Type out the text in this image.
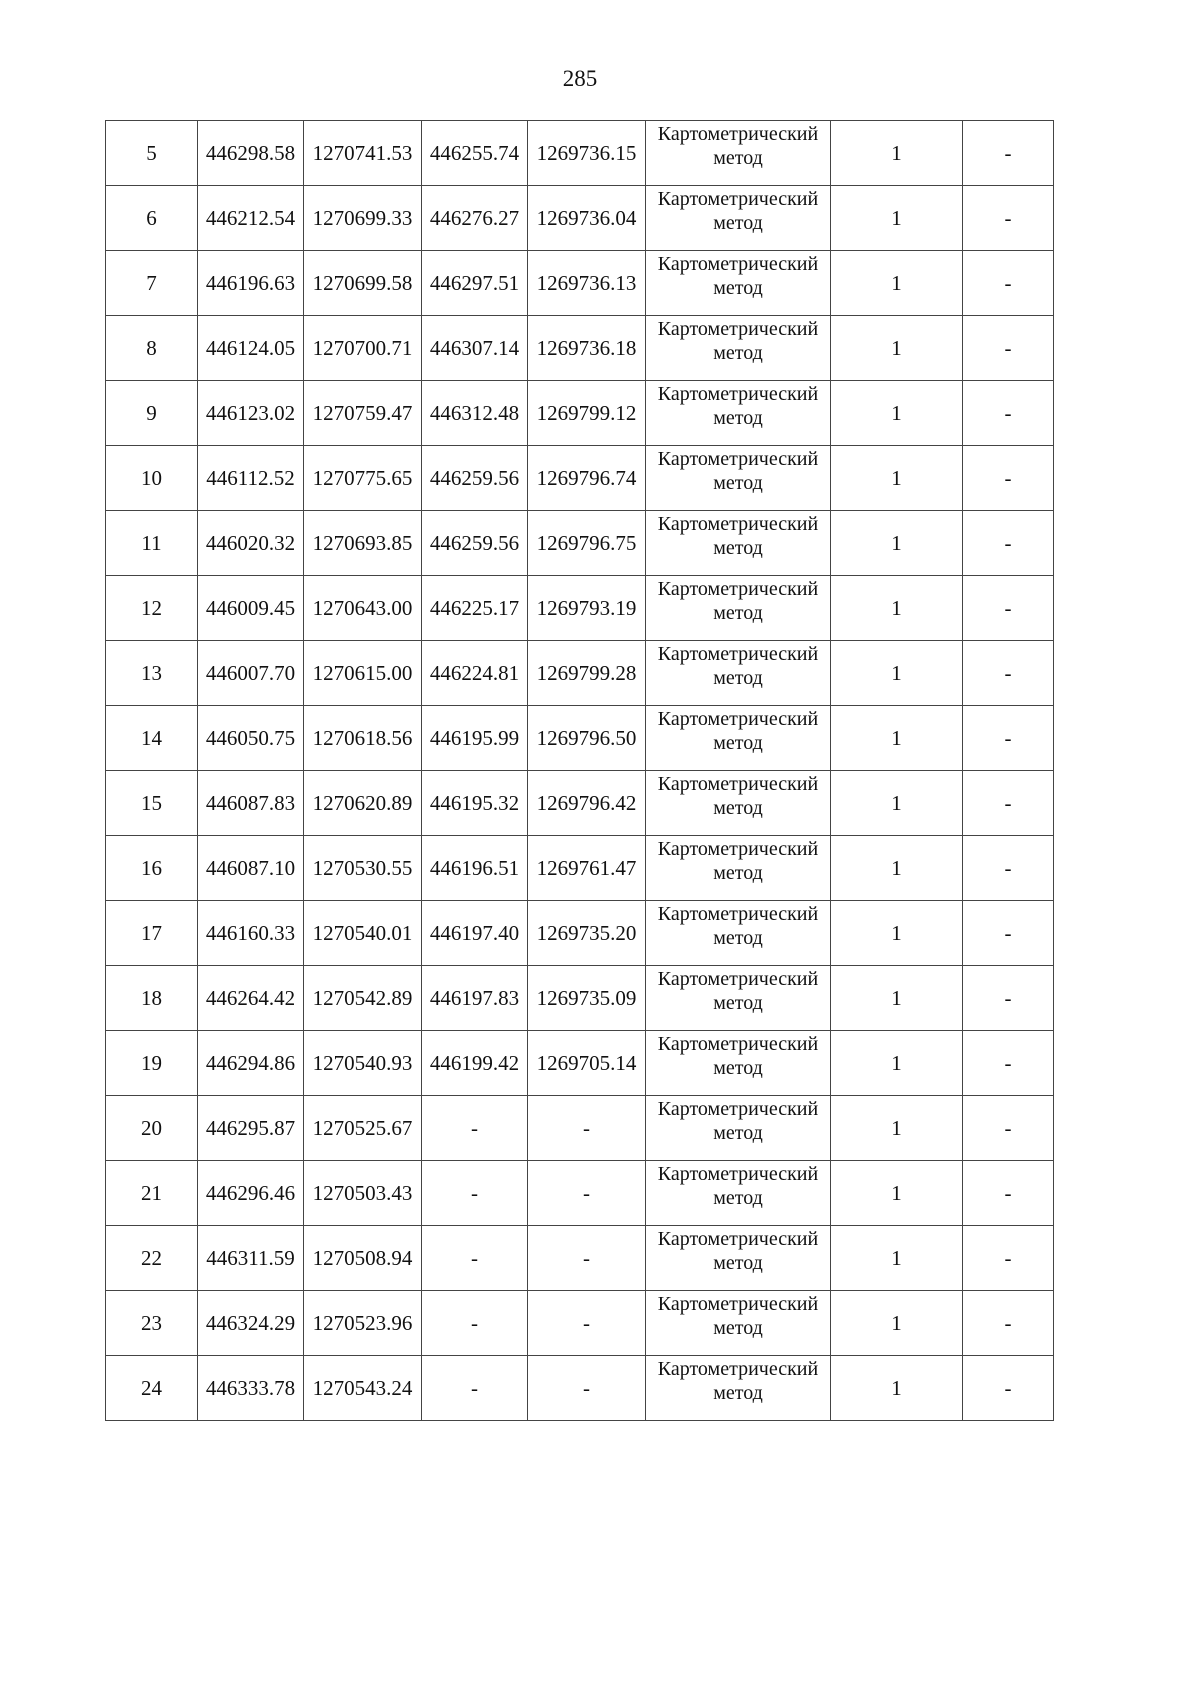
285
5	446298.58	1270741.53	446255.74	1269736.15	Картометрический метод	1	-
6	446212.54	1270699.33	446276.27	1269736.04	Картометрический метод	1	-
7	446196.63	1270699.58	446297.51	1269736.13	Картометрический метод	1	-
8	446124.05	1270700.71	446307.14	1269736.18	Картометрический метод	1	-
9	446123.02	1270759.47	446312.48	1269799.12	Картометрический метод	1	-
10	446112.52	1270775.65	446259.56	1269796.74	Картометрический метод	1	-
11	446020.32	1270693.85	446259.56	1269796.75	Картометрический метод	1	-
12	446009.45	1270643.00	446225.17	1269793.19	Картометрический метод	1	-
13	446007.70	1270615.00	446224.81	1269799.28	Картометрический метод	1	-
14	446050.75	1270618.56	446195.99	1269796.50	Картометрический метод	1	-
15	446087.83	1270620.89	446195.32	1269796.42	Картометрический метод	1	-
16	446087.10	1270530.55	446196.51	1269761.47	Картометрический метод	1	-
17	446160.33	1270540.01	446197.40	1269735.20	Картометрический метод	1	-
18	446264.42	1270542.89	446197.83	1269735.09	Картометрический метод	1	-
19	446294.86	1270540.93	446199.42	1269705.14	Картометрический метод	1	-
20	446295.87	1270525.67	-	-	Картометрический метод	1	-
21	446296.46	1270503.43	-	-	Картометрический метод	1	-
22	446311.59	1270508.94	-	-	Картометрический метод	1	-
23	446324.29	1270523.96	-	-	Картометрический метод	1	-
24	446333.78	1270543.24	-	-	Картометрический метод	1	-
